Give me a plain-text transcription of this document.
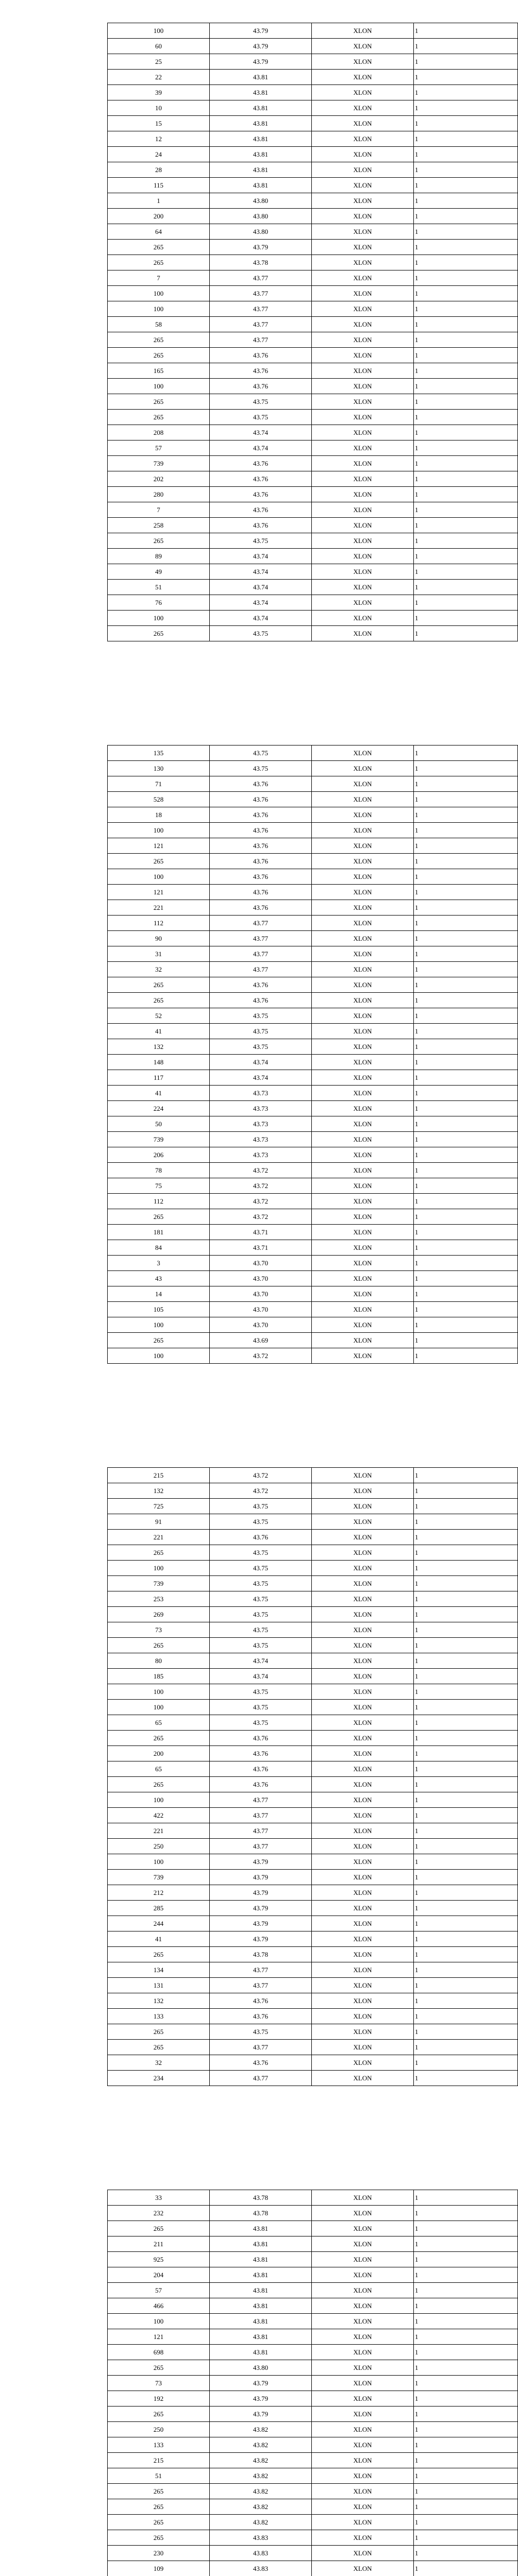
100	43.79	XLON	1
60	43.79	XLON	1
25	43.79	XLON	1
22	43.81	XLON	1
39	43.81	XLON	1
10	43.81	XLON	1
15	43.81	XLON	1
12	43.81	XLON	1
24	43.81	XLON	1
28	43.81	XLON	1
115	43.81	XLON	1
1	43.80	XLON	1
200	43.80	XLON	1
64	43.80	XLON	1
265	43.79	XLON	1
265	43.78	XLON	1
7	43.77	XLON	1
100	43.77	XLON	1
100	43.77	XLON	1
58	43.77	XLON	1
265	43.77	XLON	1
265	43.76	XLON	1
165	43.76	XLON	1
100	43.76	XLON	1
265	43.75	XLON	1
265	43.75	XLON	1
208	43.74	XLON	1
57	43.74	XLON	1
739	43.76	XLON	1
202	43.76	XLON	1
280	43.76	XLON	1
7	43.76	XLON	1
258	43.76	XLON	1
265	43.75	XLON	1
89	43.74	XLON	1
49	43.74	XLON	1
51	43.74	XLON	1
76	43.74	XLON	1
100	43.74	XLON	1
265	43.75	XLON	1
135	43.75	XLON	1
130	43.75	XLON	1
71	43.76	XLON	1
528	43.76	XLON	1
18	43.76	XLON	1
100	43.76	XLON	1
121	43.76	XLON	1
265	43.76	XLON	1
100	43.76	XLON	1
121	43.76	XLON	1
221	43.76	XLON	1
112	43.77	XLON	1
90	43.77	XLON	1
31	43.77	XLON	1
32	43.77	XLON	1
265	43.76	XLON	1
265	43.76	XLON	1
52	43.75	XLON	1
41	43.75	XLON	1
132	43.75	XLON	1
148	43.74	XLON	1
117	43.74	XLON	1
41	43.73	XLON	1
224	43.73	XLON	1
50	43.73	XLON	1
739	43.73	XLON	1
206	43.73	XLON	1
78	43.72	XLON	1
75	43.72	XLON	1
112	43.72	XLON	1
265	43.72	XLON	1
181	43.71	XLON	1
84	43.71	XLON	1
3	43.70	XLON	1
43	43.70	XLON	1
14	43.70	XLON	1
105	43.70	XLON	1
100	43.70	XLON	1
265	43.69	XLON	1
100	43.72	XLON	1
215	43.72	XLON	1
132	43.72	XLON	1
725	43.75	XLON	1
91	43.75	XLON	1
221	43.76	XLON	1
265	43.75	XLON	1
100	43.75	XLON	1
739	43.75	XLON	1
253	43.75	XLON	1
269	43.75	XLON	1
73	43.75	XLON	1
265	43.75	XLON	1
80	43.74	XLON	1
185	43.74	XLON	1
100	43.75	XLON	1
100	43.75	XLON	1
65	43.75	XLON	1
265	43.76	XLON	1
200	43.76	XLON	1
65	43.76	XLON	1
265	43.76	XLON	1
100	43.77	XLON	1
422	43.77	XLON	1
221	43.77	XLON	1
250	43.77	XLON	1
100	43.79	XLON	1
739	43.79	XLON	1
212	43.79	XLON	1
285	43.79	XLON	1
244	43.79	XLON	1
41	43.79	XLON	1
265	43.78	XLON	1
134	43.77	XLON	1
131	43.77	XLON	1
132	43.76	XLON	1
133	43.76	XLON	1
265	43.75	XLON	1
265	43.77	XLON	1
32	43.76	XLON	1
234	43.77	XLON	1
33	43.78	XLON	1
232	43.78	XLON	1
265	43.81	XLON	1
211	43.81	XLON	1
925	43.81	XLON	1
204	43.81	XLON	1
57	43.81	XLON	1
466	43.81	XLON	1
100	43.81	XLON	1
121	43.81	XLON	1
698	43.81	XLON	1
265	43.80	XLON	1
73	43.79	XLON	1
192	43.79	XLON	1
265	43.79	XLON	1
250	43.82	XLON	1
133	43.82	XLON	1
215	43.82	XLON	1
51	43.82	XLON	1
265	43.82	XLON	1
265	43.82	XLON	1
265	43.82	XLON	1
265	43.83	XLON	1
230	43.83	XLON	1
109	43.83	XLON	1
